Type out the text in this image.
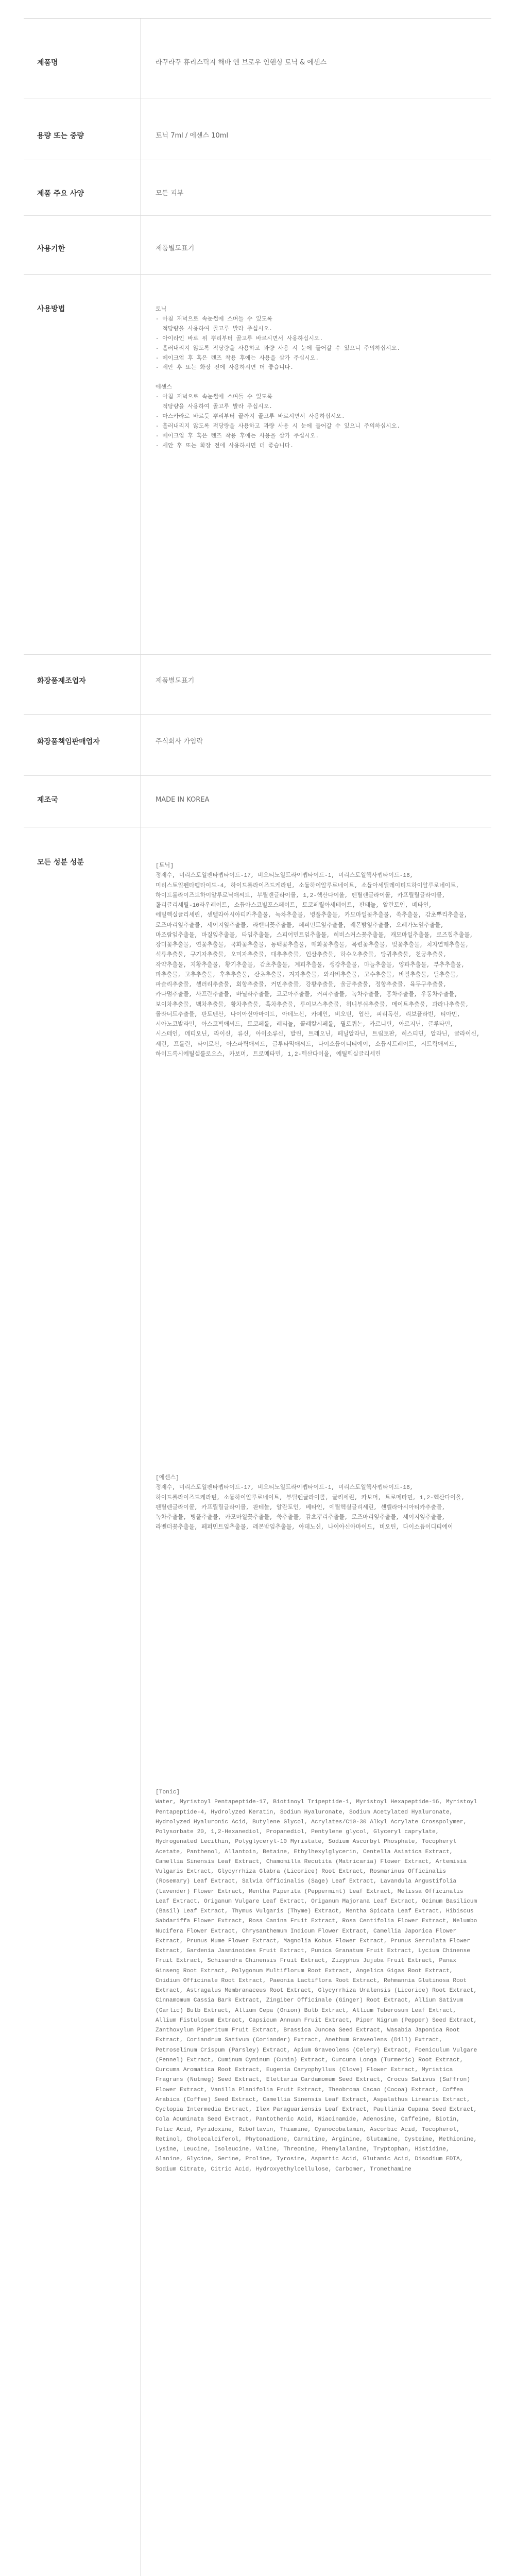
제품명	라꾸라꾸 휴리스틱지 해바 앤 브로우 인핸싱 토닉 & 에센스
용량 또는 중량	토닉 7ml / 에센스 10ml
제품 주요 사양	모든 피부
사용기한	제품별도표기
사용방법	토닉
- 아침 저녁으로 속눈썹에 스며들 수 있도록
적당량을 사용하여 골고루 발라 주십시오.
- 아이라인 바로 위 뿌리부터 골고루 바르시면서 사용하십시오.
- 흘러내리지 않도록 적당량을 사용하고 과량 사용 시 눈에 들어갈 수 있으니 주의하십시오.
- 메이크업 후 혹은 렌즈 착용 후에는 사용을 삼가 주십시오.
- 세안 후 또는 화장 전에 사용하시면 더 좋습니다.

에센스
- 아침 저녁으로 속눈썹에 스며들 수 있도록
적당량을 사용하여 골고루 발라 주십시오.
- 마스카라로 바르듯 뿌리부터 끝까지 골고루 바르시면서 사용하십시오.
- 흘러내리지 않도록 적당량을 사용하고 과량 사용 시 눈에 들어갈 수 있으니 주의하십시오.
- 메이크업 후 혹은 렌즈 착용 후에는 사용을 삼가 주십시오.
- 세안 후 또는 화장 전에 사용하시면 더 좋습니다.
화장품제조업자	제품별도표기
화장품책임판매업자	주식회사 가임락
제조국	MADE IN KOREA
모든 성분 성분	[토닉]
정제수, 미리스토일펜타펩타이드-17, 비오티노일트라이펩타이드-1, 미리스토일헥사펩타이드-16, 미리스토일펜타펩타이드-4, 하이드롤라이즈드케라틴, 소듐하이알루로네이트, 소듐아세틸레이티드하이알루로네이트, 하이드롤라이즈드하이알루로닉애씨드, 부틸렌글라이콜, 1,2-헥산다이올, 펜틸렌글라이콜, 카프릴릴글라이콜, 폴리글리세릴-10라우레이트, 소듐아스코빌포스페이트, 토코페릴아세테이트, 판테놀, 알란토인, 베타인, 에틸헥실글리세린, 센텔라아시아티카추출물, 녹차추출물, 병풀추출물, 카모마일꽃추출물, 쑥추출물, 감초뿌리추출물, 로즈마리잎추출물, 세이지잎추출물, 라벤더꽃추출물, 페퍼민트잎추출물, 레몬밤잎추출물, 오레가노잎추출물, 마조람잎추출물, 바질잎추출물, 타임추출물, 스피어민트잎추출물, 히비스커스꽃추출물, 캐모마일추출물, 로즈힙추출물, 장미꽃추출물, 연꽃추출물, 국화꽃추출물, 동백꽃추출물, 매화꽃추출물, 목련꽃추출물, 벚꽃추출물, 치자열매추출물, 석류추출물, 구기자추출물, 오미자추출물, 대추추출물, 인삼추출물, 하수오추출물, 당귀추출물, 천궁추출물, 작약추출물, 지황추출물, 황기추출물, 감초추출물, 계피추출물, 생강추출물, 마늘추출물, 양파추출물, 부추추출물, 파추출물, 고추추출물, 후추추출물, 산초추출물, 겨자추출물, 와사비추출물, 고수추출물, 바질추출물, 딜추출물, 파슬리추출물, 셀러리추출물, 회향추출물, 커민추출물, 강황추출물, 울금추출물, 정향추출물, 육두구추출물, 카다멈추출물, 사프란추출물, 바닐라추출물, 코코아추출물, 커피추출물, 녹차추출물, 홍차추출물, 우롱차추출물, 보이차추출물, 백차추출물, 황차추출물, 흑차추출물, 루이보스추출물, 허니부쉬추출물, 메이트추출물, 과라나추출물, 콜라너트추출물, 판토텐산, 나이아신아마이드, 아데노신, 카페인, 비오틴, 엽산, 피리독신, 리보플라빈, 티아민, 시아노코발라민, 아스코빅애씨드, 토코페롤, 레티놀, 콜레칼시페롤, 필로퀴논, 카르니틴, 아르지닌, 글루타민, 시스테인, 메티오닌, 라이신, 류신, 아이소류신, 발린, 트레오닌, 페닐알라닌, 트립토판, 히스티딘, 알라닌, 글라이신, 세린, 프롤린, 타이로신, 아스파틱애씨드, 글루타믹애씨드, 다이소듐이디티에이, 소듐시트레이트, 시트릭애씨드, 하이드록시에틸셀룰로오스, 카보머, 트로메타민, 1,2-헥산다이올, 에틸헥실글리세린
[에센스]
정제수, 미리스토일펜타펩타이드-17, 비오티노일트라이펩타이드-1, 미리스토일헥사펩타이드-16, 하이드롤라이즈드케라틴, 소듐하이알루로네이트, 부틸렌글라이콜, 글리세린, 카보머, 트로메타민, 1,2-헥산다이올, 펜틸렌글라이콜, 카프릴릴글라이콜, 판테놀, 알란토인, 베타인, 에틸헥실글리세린, 센텔라아시아티카추출물, 녹차추출물, 병풀추출물, 카모마일꽃추출물, 쑥추출물, 감초뿌리추출물, 로즈마리잎추출물, 세이지잎추출물, 라벤더꽃추출물, 페퍼민트잎추출물, 레몬밤잎추출물, 아데노신, 나이아신아마이드, 비오틴, 다이소듐이디티에이
[Tonic]
Water, Myristoyl Pentapeptide-17, Biotinoyl Tripeptide-1, Myristoyl Hexapeptide-16, Myristoyl Pentapeptide-4, Hydrolyzed Keratin, Sodium Hyaluronate, Sodium Acetylated Hyaluronate, Hydrolyzed Hyaluronic Acid, Butylene Glycol, Acrylates/C10-30 Alkyl Acrylate Crosspolymer, Polysorbate 20, 1,2-Hexanediol, Propanediol, Pentylene glycol, Glyceryl caprylate, Hydrogenated Lecithin, Polyglyceryl-10 Myristate, Sodium Ascorbyl Phosphate, Tocopheryl Acetate, Panthenol, Allantoin, Betaine, Ethylhexylglycerin, Centella Asiatica Extract, Camellia Sinensis Leaf Extract, Chamomilla Recutita (Matricaria) Flower Extract, Artemisia Vulgaris Extract, Glycyrrhiza Glabra (Licorice) Root Extract, Rosmarinus Officinalis (Rosemary) Leaf Extract, Salvia Officinalis (Sage) Leaf Extract, Lavandula Angustifolia (Lavender) Flower Extract, Mentha Piperita (Peppermint) Leaf Extract, Melissa Officinalis Leaf Extract, Origanum Vulgare Leaf Extract, Origanum Majorana Leaf Extract, Ocimum Basilicum (Basil) Leaf Extract, Thymus Vulgaris (Thyme) Extract, Mentha Spicata Leaf Extract, Hibiscus Sabdariffa Flower Extract, Rosa Canina Fruit Extract, Rosa Centifolia Flower Extract, Nelumbo Nucifera Flower Extract, Chrysanthemum Indicum Flower Extract, Camellia Japonica Flower Extract, Prunus Mume Flower Extract, Magnolia Kobus Flower Extract, Prunus Serrulata Flower Extract, Gardenia Jasminoides Fruit Extract, Punica Granatum Fruit Extract, Lycium Chinense Fruit Extract, Schisandra Chinensis Fruit Extract, Zizyphus Jujuba Fruit Extract, Panax Ginseng Root Extract, Polygonum Multiflorum Root Extract, Angelica Gigas Root Extract, Cnidium Officinale Root Extract, Paeonia Lactiflora Root Extract, Rehmannia Glutinosa Root Extract, Astragalus Membranaceus Root Extract, Glycyrrhiza Uralensis (Licorice) Root Extract, Cinnamomum Cassia Bark Extract, Zingiber Officinale (Ginger) Root Extract, Allium Sativum (Garlic) Bulb Extract, Allium Cepa (Onion) Bulb Extract, Allium Tuberosum Leaf Extract, Allium Fistulosum Extract, Capsicum Annuum Fruit Extract, Piper Nigrum (Pepper) Seed Extract, Zanthoxylum Piperitum Fruit Extract, Brassica Juncea Seed Extract, Wasabia Japonica Root Extract, Coriandrum Sativum (Coriander) Extract, Anethum Graveolens (Dill) Extract, Petroselinum Crispum (Parsley) Extract, Apium Graveolens (Celery) Extract, Foeniculum Vulgare (Fennel) Extract, Cuminum Cyminum (Cumin) Extract, Curcuma Longa (Turmeric) Root Extract, Curcuma Aromatica Root Extract, Eugenia Caryophyllus (Clove) Flower Extract, Myristica Fragrans (Nutmeg) Seed Extract, Elettaria Cardamomum Seed Extract, Crocus Sativus (Saffron) Flower Extract, Vanilla Planifolia Fruit Extract, Theobroma Cacao (Cocoa) Extract, Coffea Arabica (Coffee) Seed Extract, Camellia Sinensis Leaf Extract, Aspalathus Linearis Extract, Cyclopia Intermedia Extract, Ilex Paraguariensis Leaf Extract, Paullinia Cupana Seed Extract, Cola Acuminata Seed Extract, Pantothenic Acid, Niacinamide, Adenosine, Caffeine, Biotin, Folic Acid, Pyridoxine, Riboflavin, Thiamine, Cyanocobalamin, Ascorbic Acid, Tocopherol, Retinol, Cholecalciferol, Phytonadione, Carnitine, Arginine, Glutamine, Cysteine, Methionine, Lysine, Leucine, Isoleucine, Valine, Threonine, Phenylalanine, Tryptophan, Histidine, Alanine, Glycine, Serine, Proline, Tyrosine, Aspartic Acid, Glutamic Acid, Disodium EDTA, Sodium Citrate, Citric Acid, Hydroxyethylcellulose, Carbomer, Tromethamine
